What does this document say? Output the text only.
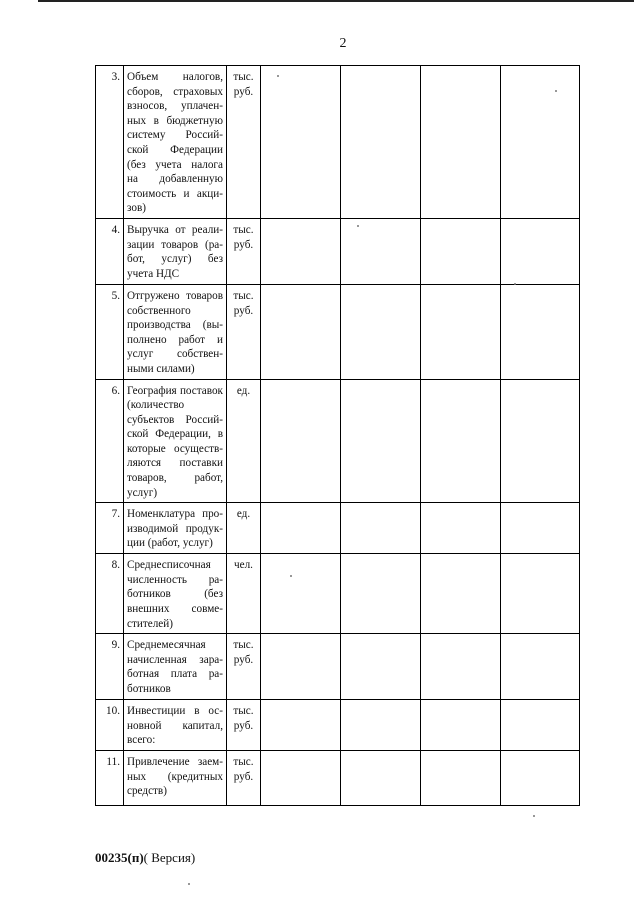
2
3.	Объем налогов, сборов, страховых взносов, уплаченных в бюджетную систему Российской Федерации (без учета налога на добавленную стоимость и акцизов)	тыс. руб.				
4.	Выручка от реализации товаров (работ, услуг) без учета НДС	тыс. руб.				
5.	Отгружено товаров собственного производства (выполнено работ и услуг собственными силами)	тыс. руб.				
6.	География поставок (количество субъектов Российской Федерации, в которые осуществляются поставки товаров, работ, услуг)	ед.				
7.	Номенклатура производимой продукции (работ, услуг)	ед.				
8.	Среднесписочная численность работников (без внешних совместителей)	чел.				
9.	Среднемесячная начисленная заработная плата работников	тыс. руб.				
10.	Инвестиции в основной капитал, всего:	тыс. руб.				
11.	Привлечение заемных (кредитных средств)	тыс. руб.				
00235(п)( Версия)
